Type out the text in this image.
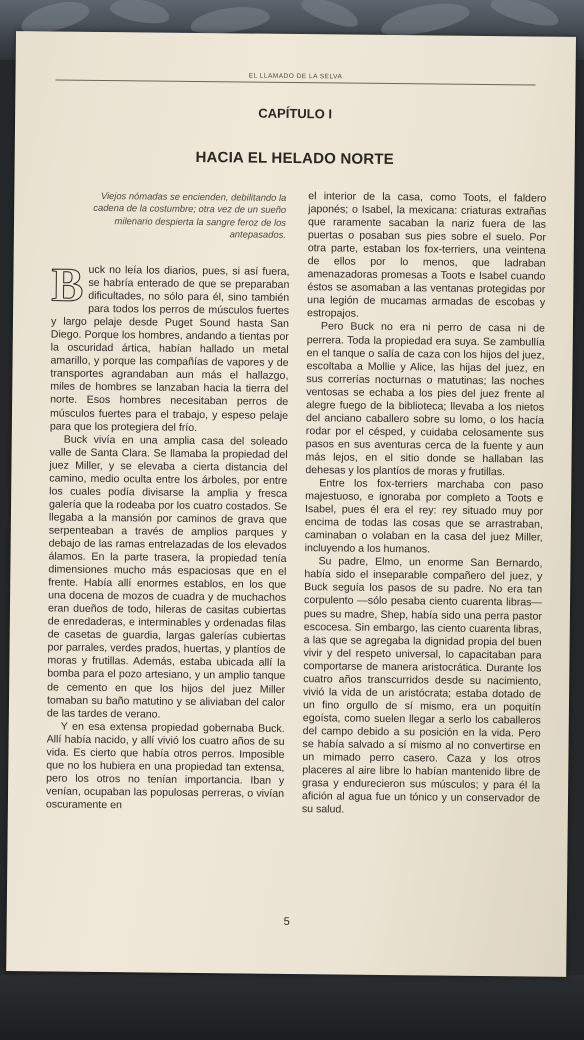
EL LLAMADO DE LA SELVA
CAPÍTULO I
HACIA EL HELADO NORTE
Viejos nómadas se encienden, debilitando la cadena de la costumbre; otra vez de un sueño milenario despierta la sangre feroz de los antepasados.

Buck no leía los diarios, pues, si así fuera, se habría enterado de que se preparaban dificultades, no sólo para él, sino también para todos los perros de músculos fuertes y largo pelaje desde Puget Sound hasta San Diego. Porque los hombres, andando a tientas por la oscuridad ártica, habían hallado un metal amarillo, y porque las compañías de vapores y de transportes agrandaban aun más el hallazgo, miles de hombres se lanzaban hacia la tierra del norte. Esos hombres necesitaban perros de músculos fuertes para el trabajo, y espeso pelaje para que los protegiera del frío.

Buck vivía en una amplia casa del soleado valle de Santa Clara. Se llamaba la propiedad del juez Miller, y se elevaba a cierta distancia del camino, medio oculta entre los árboles, por entre los cuales podía divisarse la amplia y fresca galería que la rodeaba por los cuatro costados. Se llegaba a la mansión por caminos de grava que serpenteaban a través de amplios parques y debajo de las ramas entrelazadas de los elevados álamos. En la parte trasera, la propiedad tenía dimensiones mucho más espaciosas que en el frente. Había allí enormes establos, en los que una docena de mozos de cuadra y de muchachos eran dueños de todo, hileras de casitas cubiertas de enredaderas, e interminables y ordenadas filas de casetas de guardia, largas galerías cubiertas por parrales, verdes prados, huertas, y plantíos de moras y frutillas. Además, estaba ubicada allí la bomba para el pozo artesiano, y un amplio tanque de cemento en que los hijos del juez Miller tomaban su baño matutino y se aliviaban del calor de las tardes de verano.

Y en esa extensa propiedad gobernaba Buck. Allí había nacido, y allí vivió los cuatro años de su vida. Es cierto que había otros perros. Imposible que no los hubiera en una propiedad tan extensa, pero los otros no tenían importancia. Iban y venían, ocupaban las populosas perreras, o vivían oscuramente en

el interior de la casa, como Toots, el faldero japonés; o Isabel, la mexicana: criaturas extrañas que raramente sacaban la nariz fuera de las puertas o posaban sus pies sobre el suelo. Por otra parte, estaban los fox-terriers, una veintena de ellos por lo menos, que ladraban amenazadoras promesas a Toots e Isabel cuando éstos se asomaban a las ventanas protegidas por una legión de mucamas armadas de escobas y estropajos.

Pero Buck no era ni perro de casa ni de perrera. Toda la propiedad era suya. Se zambullía en el tanque o salía de caza con los hijos del juez, escoltaba a Mollie y Alice, las hijas del juez, en sus correrías nocturnas o matutinas; las noches ventosas se echaba a los pies del juez frente al alegre fuego de la biblioteca; llevaba a los nietos del anciano caballero sobre su lomo, o los hacía rodar por el césped, y cuidaba celosamente sus pasos en sus aventuras cerca de la fuente y aun más lejos, en el sitio donde se hallaban las dehesas y los plantíos de moras y frutillas.

Entre los fox-terriers marchaba con paso majestuoso, e ignoraba por completo a Toots e Isabel, pues él era el rey: rey situado muy por encima de todas las cosas que se arrastraban, caminaban o volaban en la casa del juez Miller, incluyendo a los humanos.

Su padre, Elmo, un enorme San Bernardo, había sido el inseparable compañero del juez, y Buck seguía los pasos de su padre. No era tan corpulento —sólo pesaba ciento cuarenta libras— pues su madre, Shep, había sido una perra pastor escocesa. Sin embargo, las ciento cuarenta libras, a las que se agregaba la dignidad propia del buen vivir y del respeto universal, lo capacitaban para comportarse de manera aristocrática. Durante los cuatro años transcurridos desde su nacimiento, vivió la vida de un aristócrata; estaba dotado de un fino orgullo de sí mismo, era un poquitín egoísta, como suelen llegar a serlo los caballeros del campo debido a su posición en la vida. Pero se había salvado a sí mismo al no convertirse en un mimado perro casero. Caza y los otros placeres al aire libre lo habían mantenido libre de grasa y endurecieron sus músculos; y para él la afición al agua fue un tónico y un conservador de su salud.

5
